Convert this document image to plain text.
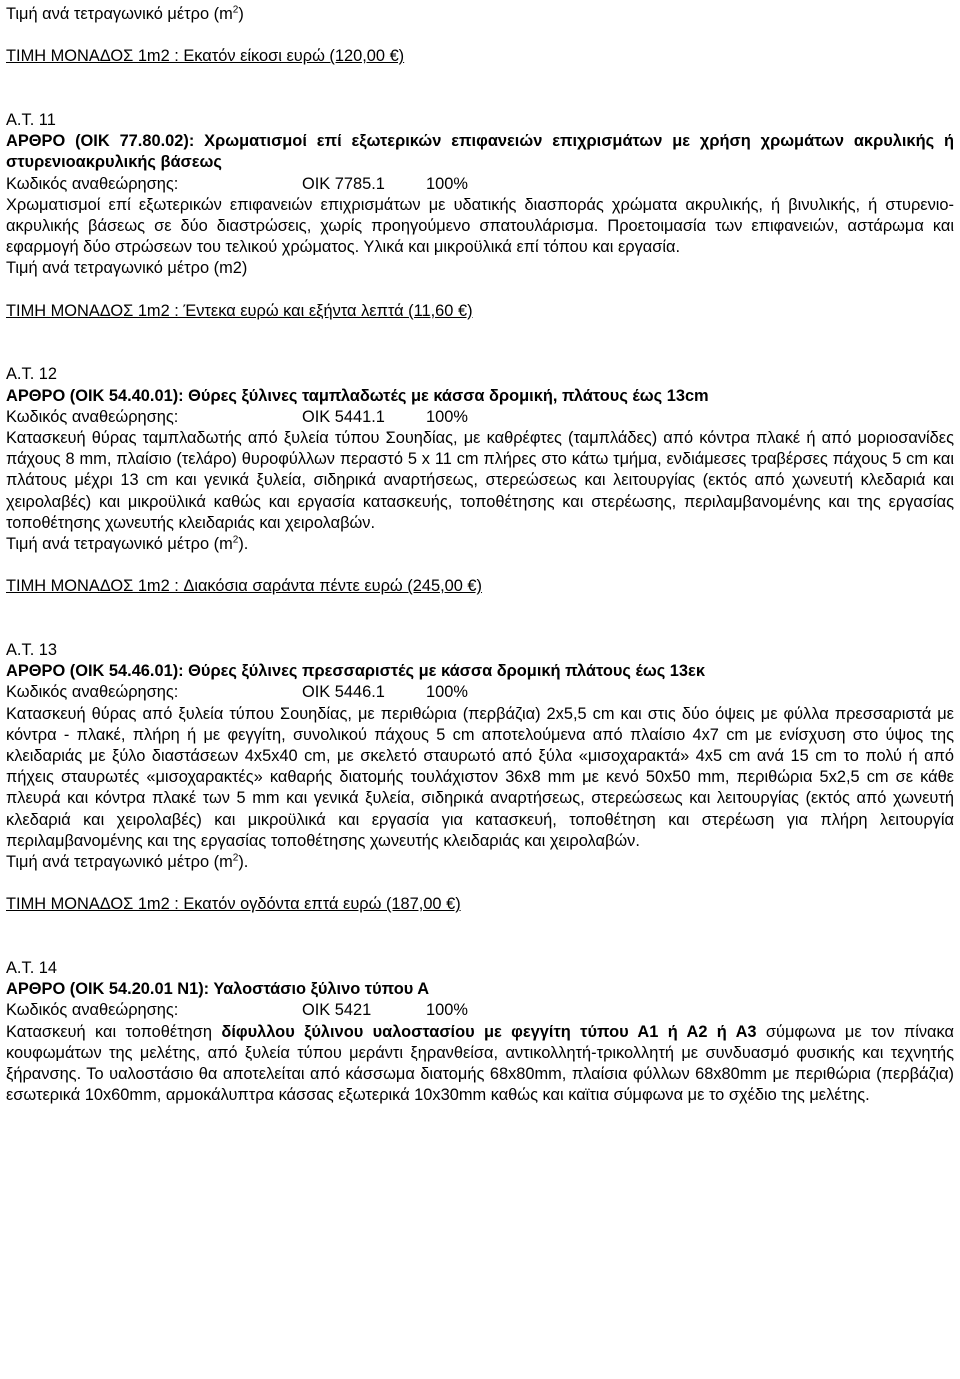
Τιμή ανά τετραγωνικό μέτρο $(m^2)$
ΤΙΜΗ ΜΟΝΑΔΟΣ 1m2 : Εκατόν είκοσι ευρώ (120,00 €)
Α.Τ. 11
ΑΡΘΡΟ (ΟΙΚ 77.80.02): Χρωματισμοί επί εξωτερικών επιφανειών επιχρισμάτων με χρήση χρωμάτων ακρυλικής ή στυρενιοακρυλικής βάσεως
Κωδικός αναθεώρησης:	ΟΙΚ 7785.1	100%
Χρωματισμοί επί εξωτερικών επιφανειών επιχρισμάτων με υδατικής διασποράς χρώματα ακρυλικής, ή βινυλικής, ή στυρενιο-ακρυλικής βάσεως σε δύο διαστρώσεις, χωρίς προηγούμενο σπατουλάρισμα. Προετοιμασία των επιφανειών, αστάρωμα και εφαρμογή δύο στρώσεων του τελικού χρώματος. Υλικά και μικροϋλικά επί τόπου και εργασία.
Τιμή ανά τετραγωνικό μέτρο (m2)
ΤΙΜΗ ΜΟΝΑΔΟΣ 1m2 : Έντεκα ευρώ και εξήντα λεπτά (11,60 €)
Α.Τ. 12
ΑΡΘΡΟ (ΟΙΚ 54.40.01): Θύρες ξύλινες ταμπλαδωτές με κάσσα δρομική, πλάτους έως 13cm
Κωδικός αναθεώρησης:	ΟΙΚ 5441.1	100%
Κατασκευή θύρας ταμπλαδωτής από ξυλεία τύπου Σουηδίας, με καθρέφτες (ταμπλάδες) από κόντρα πλακέ ή από μοριοσανίδες πάχους 8 mm, πλαίσιο (τελάρο) θυροφύλλων περαστό 5 x 11 cm πλήρες στο κάτω τμήμα, ενδιάμεσες τραβέρσες πάχους 5 cm και πλάτους μέχρι 13 cm και γενικά ξυλεία, σιδηρικά αναρτήσεως, στερεώσεως και λειτουργίας (εκτός από χωνευτή κλεδαριά και χειρολαβές) και μικροϋλικά καθώς και εργασία κατασκευής, τοποθέτησης και στερέωσης, περιλαμβανομένης και της εργασίας τοποθέτησης χωνευτής κλειδαριάς και χειρολαβών.
Τιμή ανά τετραγωνικό μέτρο $(m^2)$.
ΤΙΜΗ ΜΟΝΑΔΟΣ 1m2 : Διακόσια σαράντα πέντε ευρώ (245,00 €)
Α.Τ. 13
ΑΡΘΡΟ (ΟΙΚ 54.46.01): Θύρες ξύλινες πρεσσαριστές με κάσσα δρομική πλάτους έως 13εκ
Κωδικός αναθεώρησης:	ΟΙΚ 5446.1	100%
Κατασκευή θύρας από ξυλεία τύπου Σουηδίας, με περιθώρια (περβάζια) 2x5,5 cm και στις δύο όψεις με φύλλα πρεσσαριστά με κόντρα - πλακέ, πλήρη ή με φεγγίτη, συνολικού πάχους 5 cm αποτελούμενα από πλαίσιο 4x7 cm με ενίσχυση στο ύψος της κλειδαριάς με ξύλο διαστάσεων 4x5x40 cm, με σκελετό σταυρωτό από ξύλα «μισοχαρακτά» 4x5 cm ανά 15 cm το πολύ ή από πήχεις σταυρωτές «μισοχαρακτές» καθαρής διατομής τουλάχιστον 36x8 mm με κενό 50x50 mm, περιθώρια 5x2,5 cm σε κάθε πλευρά και κόντρα πλακέ των 5 mm και γενικά ξυλεία, σιδηρικά αναρτήσεως, στερεώσεως και λειτουργίας (εκτός από χωνευτή κλεδαριά και χειρολαβές) και μικροϋλικά και εργασία για κατασκευή, τοποθέτηση και στερέωση για πλήρη λειτουργία περιλαμβανομένης και της εργασίας τοποθέτησης χωνευτής κλειδαριάς και χειρολαβών.
Τιμή ανά τετραγωνικό μέτρο $(m^2)$.
ΤΙΜΗ ΜΟΝΑΔΟΣ 1m2 : Εκατόν ογδόντα επτά ευρώ (187,00 €)
Α.Τ. 14
ΑΡΘΡΟ (ΟΙΚ 54.20.01 Ν1): Υαλοστάσιο ξύλινο τύπου Α
Κωδικός αναθεώρησης:	ΟΙΚ 5421	100%
Κατασκευή και τοποθέτηση δίφυλλου ξύλινου υαλοστασίου με φεγγίτη τύπου Α1 ή Α2 ή Α3 σύμφωνα με τον πίνακα κουφωμάτων της μελέτης, από ξυλεία τύπου μεράντι ξηρανθείσα, αντικολλητή-τρικολλητή με συνδυασμό φυσικής και τεχνητής ξήρανσης. Το υαλοστάσιο θα αποτελείται από κάσσωμα διατομής 68x80mm, πλαίσια φύλλων 68x80mm με περιθώρια (περβάζια) εσωτερικά 10x60mm, αρμοκάλυπτρα κάσσας εξωτερικά 10x30mm καθώς και καϊτια σύμφωνα με το σχέδιο της μελέτης.
